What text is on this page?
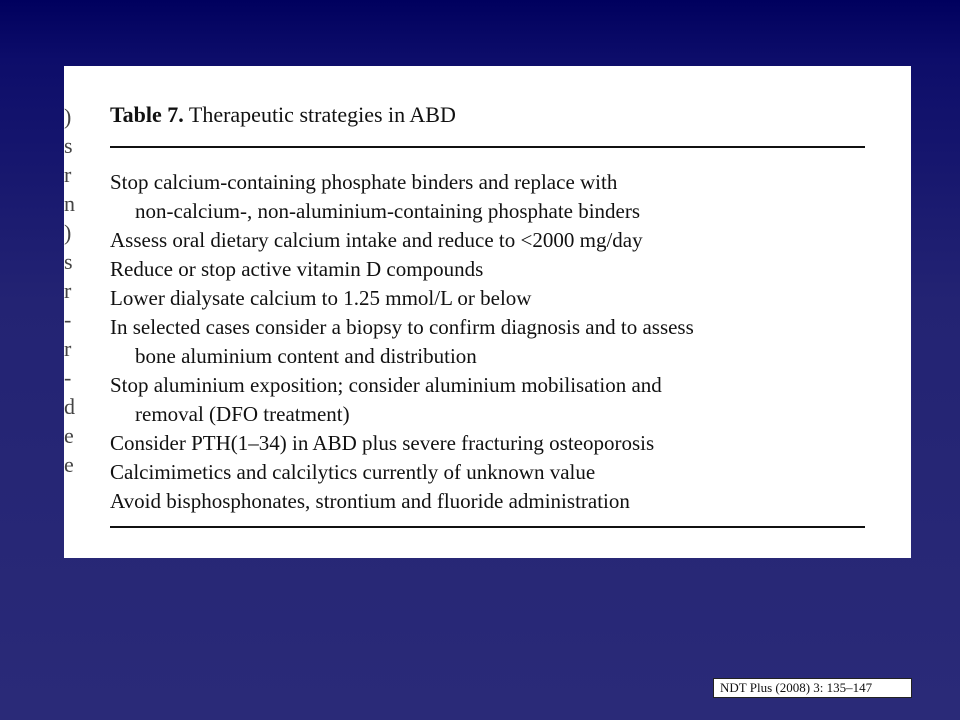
)
s
r
n
)
s
r
-
r
-
d
e
e
Table 7. Therapeutic strategies in ABD
Stop calcium-containing phosphate binders and replace with
non-calcium-, non-aluminium-containing phosphate binders
Assess oral dietary calcium intake and reduce to <2000 mg/day
Reduce or stop active vitamin D compounds
Lower dialysate calcium to 1.25 mmol/L or below
In selected cases consider a biopsy to confirm diagnosis and to assess
bone aluminium content and distribution
Stop aluminium exposition; consider aluminium mobilisation and
removal (DFO treatment)
Consider PTH(1–34) in ABD plus severe fracturing osteoporosis
Calcimimetics and calcilytics currently of unknown value
Avoid bisphosphonates, strontium and fluoride administration
NDT Plus (2008) 3: 135–147
